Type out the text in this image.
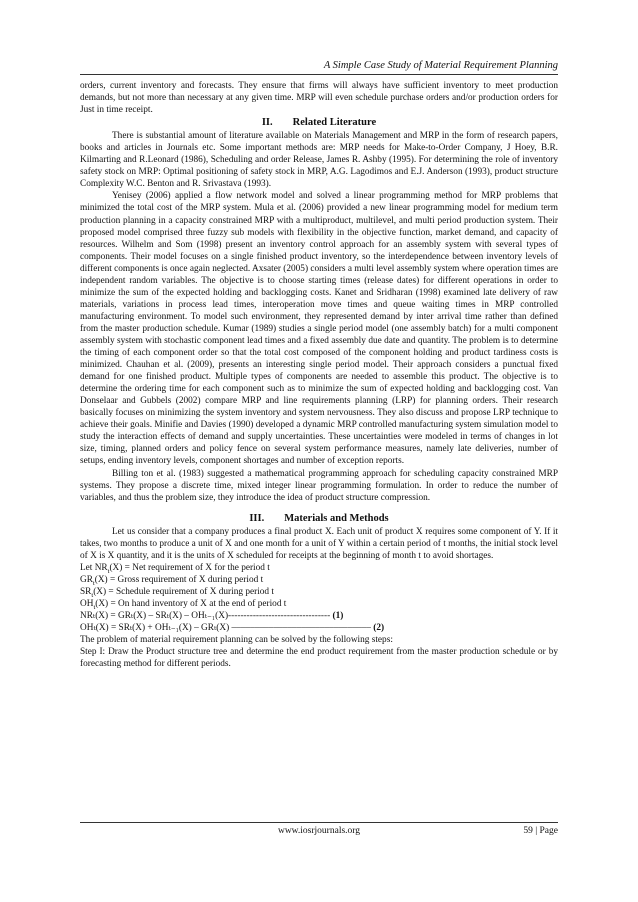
A Simple Case Study of Material Requirement Planning

orders, current inventory and forecasts. They ensure that firms will always have sufficient inventory to meet production demands, but not more than necessary at any given time. MRP will even schedule purchase orders and/or production orders for Just in time receipt.

II. Related Literature

There is substantial amount of literature available on Materials Management and MRP in the form of research papers, books and articles in Journals etc. Some important methods are: MRP needs for Make-to-Order Company, J Hoey, B.R. Kilmarting and R.Leonard (1986), Scheduling and order Release, James R. Ashby (1995). For determining the role of inventory safety stock on MRP: Optimal positioning of safety stock in MRP, A.G. Lagodimos and E.J. Anderson (1993), product structure Complexity W.C. Benton and R. Srivastava (1993).

Yenisey (2006) applied a flow network model and solved a linear programming method for MRP problems that minimized the total cost of the MRP system. Mula et al. (2006) provided a new linear programming model for medium term production planning in a capacity constrained MRP with a multiproduct, multilevel, and multi period production system. Their proposed model comprised three fuzzy sub models with flexibility in the objective function, market demand, and capacity of resources. Wilhelm and Som (1998) present an inventory control approach for an assembly system with several types of components. Their model focuses on a single finished product inventory, so the interdependence between inventory levels of different components is once again neglected. Axsater (2005) considers a multi level assembly system where operation times are independent random variables. The objective is to choose starting times (release dates) for different operations in order to minimize the sum of the expected holding and backlogging costs. Kanet and Sridharan (1998) examined late delivery of raw materials, variations in process lead times, interoperation move times and queue waiting times in MRP controlled manufacturing environment. To model such environment, they represented demand by inter arrival time rather than defined from the master production schedule. Kumar (1989) studies a single period model (one assembly batch) for a multi component assembly system with stochastic component lead times and a fixed assembly due date and quantity. The problem is to determine the timing of each component order so that the total cost composed of the component holding and product tardiness costs is minimized. Chauhan et al. (2009), presents an interesting single period model. Their approach considers a punctual fixed demand for one finished product. Multiple types of components are needed to assemble this product. The objective is to determine the ordering time for each component such as to minimize the sum of expected holding and backlogging cost. Van Donselaar and Gubbels (2002) compare MRP and line requirements planning (LRP) for planning orders. Their research basically focuses on minimizing the system inventory and system nervousness. They also discuss and propose LRP technique to achieve their goals. Minifie and Davies (1990) developed a dynamic MRP controlled manufacturing system simulation model to study the interaction effects of demand and supply uncertainties. These uncertainties were modeled in terms of changes in lot size, timing, planned orders and policy fence on several system performance measures, namely late deliveries, number of setups, ending inventory levels, component shortages and number of exception reports.

Billing ton et al. (1983) suggested a mathematical programming approach for scheduling capacity constrained MRP systems. They propose a discrete time, mixed integer linear programming formulation. In order to reduce the number of variables, and thus the problem size, they introduce the idea of product structure compression.

III. Materials and Methods

Let us consider that a company produces a final product X. Each unit of product X requires some component of Y. If it takes, two months to produce a unit of X and one month for a unit of Y within a certain period of t months, the initial stock level of X is X quantity, and it is the units of X scheduled for receipts at the beginning of month t to avoid shortages.

Let $NR_t(X)$ = Net requirement of X for the period t

$GR_t(X)$ = Gross requirement of X during period t

$SR_t(X)$ = Schedule requirement of X during period t

$OH_t(X) = On$ hand inventory of X at the end of period t

NRₜ(X) = GRₜ(X) – SRₜ(X) – OHₜ₋₁(X)--------------------------------- (1)

OHₜ(X) = SRₜ(X) + OHₜ₋₁(X) – GRₜ(X) –––––––––––––––––––––––––––––– (2)

The problem of material requirement planning can be solved by the following steps:

Step I: Draw the Product structure tree and determine the end product requirement from the master production schedule or by forecasting method for different periods.

www.iosrjournals.org	59 | Page
